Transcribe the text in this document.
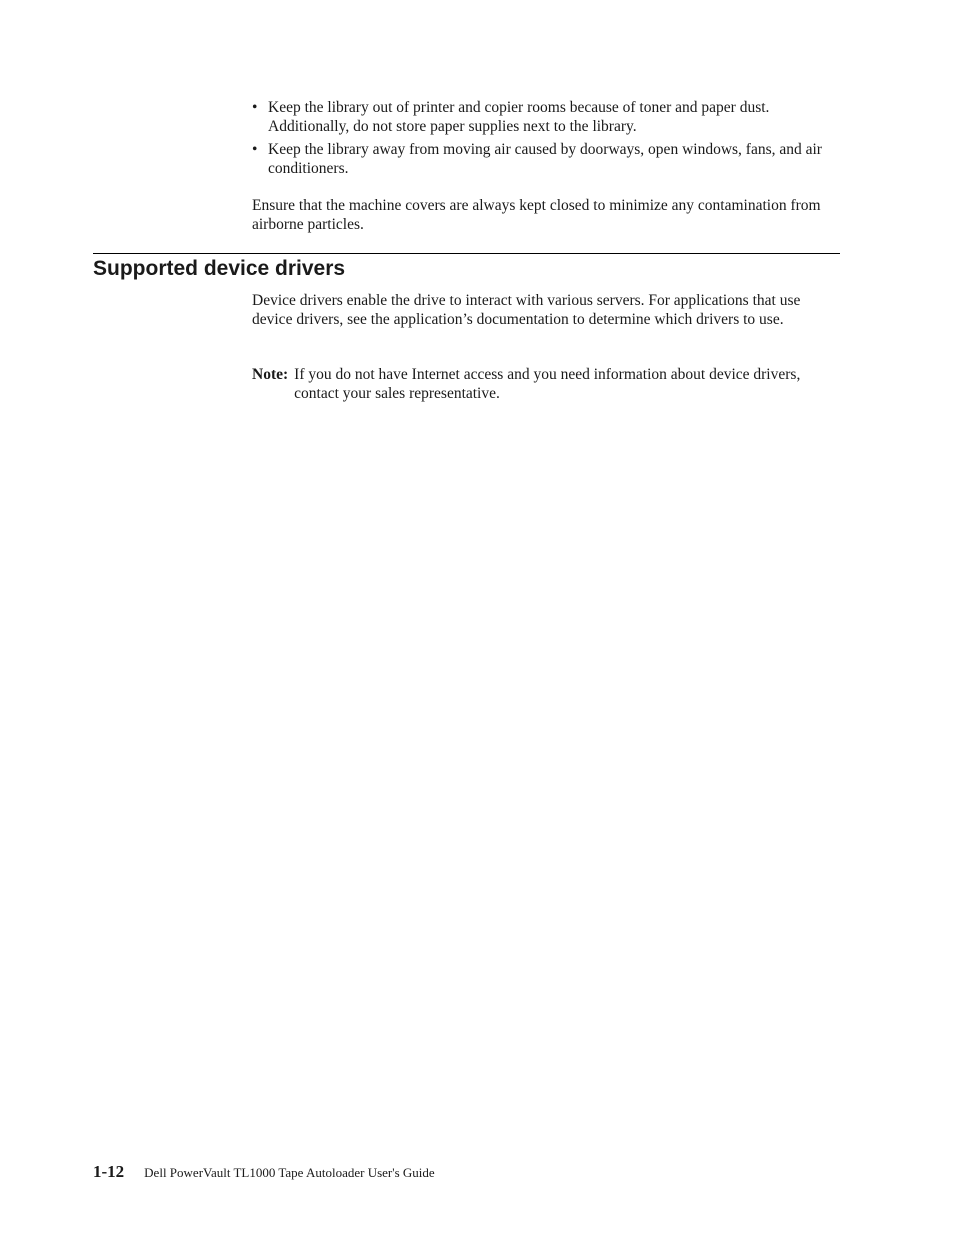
• Keep the library out of printer and copier rooms because of toner and paper dust. Additionally, do not store paper supplies next to the library.
• Keep the library away from moving air caused by doorways, open windows, fans, and air conditioners.

Ensure that the machine covers are always kept closed to minimize any contamination from airborne particles.

Supported device drivers

Device drivers enable the drive to interact with various servers. For applications that use device drivers, see the application’s documentation to determine which drivers to use.

Note: If you do not have Internet access and you need information about device drivers, contact your sales representative.
1-12 Dell PowerVault TL1000 Tape Autoloader User's Guide
